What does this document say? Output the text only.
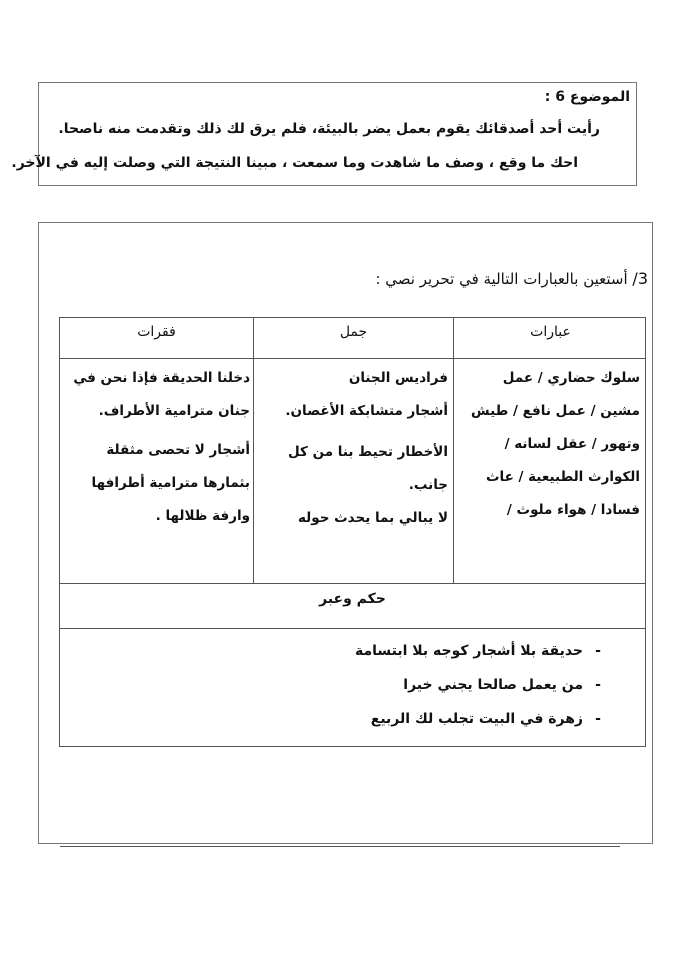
الموضوع 6 :
رأيت أحد أصدقائك يقوم بعمل يضر بالبيئة، فلم يرق لك ذلك وتقدمت منه ناصحا.
احك ما وقع ، وصف ما شاهدت وما سمعت ، مبينا النتيجة التي وصلت إليه في الآخر.
3/ أستعين بالعبارات التالية في تحرير نصي :
عبارات
جمل
فقرات
سلوك حضاري / عمل مشين / عمل نافع / طيش وتهور / عقل لسانه / الكوارث الطبيعية / عاث فسادا / هواء ملوث /

فراديس الجنان

أشجار متشابكة الأغصان.

الأخطار تحيط بنا من كل جانب.

لا يبالي بما يحدث حوله

دخلنا الحديقة فإذا نحن في جنان مترامية الأطراف.

أشجار لا تحصى مثقلة بثمارها مترامية أطرافها وارفة ظلالها .

حكم وعبر
-حديقة بلا أشجار كوجه بلا ابتسامة
-من يعمل صالحا يجني خيرا
-زهرة في البيت تجلب لك الربيع
